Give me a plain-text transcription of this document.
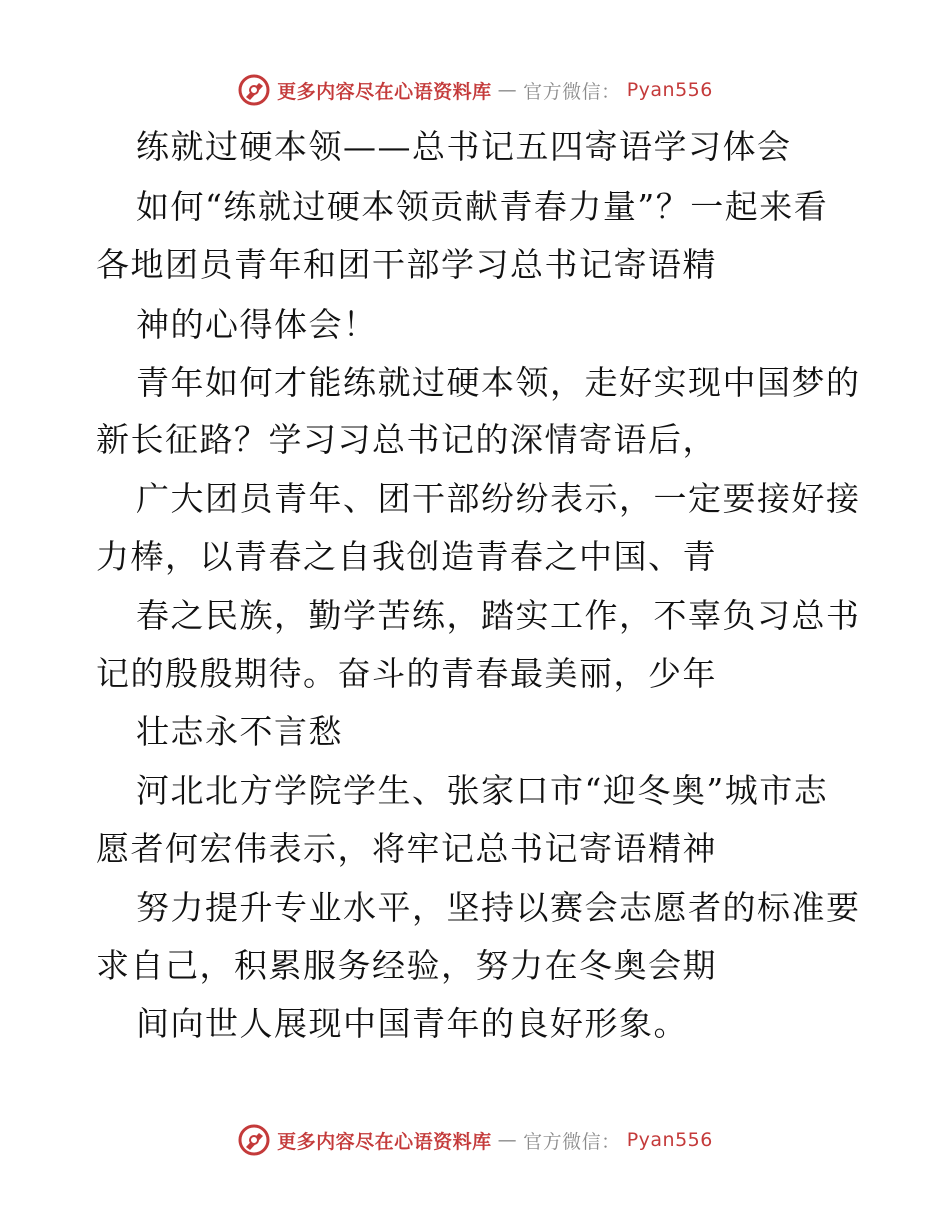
更多内容尽在心语资料库 — 官方微信： Pyan556
练就过硬本领——总书记五四寄语学习体会
如何“练就过硬本领贡献青春力量”？一起来看
各地团员青年和团干部学习总书记寄语精
神的心得体会！
青年如何才能练就过硬本领，走好实现中国梦的
新长征路？学习习总书记的深情寄语后，
广大团员青年、团干部纷纷表示，一定要接好接
力棒，以青春之自我创造青春之中国、青
春之民族，勤学苦练，踏实工作，不辜负习总书
记的殷殷期待。奋斗的青春最美丽，少年
壮志永不言愁
河北北方学院学生、张家口市“迎冬奥”城市志
愿者何宏伟表示，将牢记总书记寄语精神
努力提升专业水平，坚持以赛会志愿者的标准要
求自己，积累服务经验，努力在冬奥会期
间向世人展现中国青年的良好形象。
更多内容尽在心语资料库 — 官方微信： Pyan556
